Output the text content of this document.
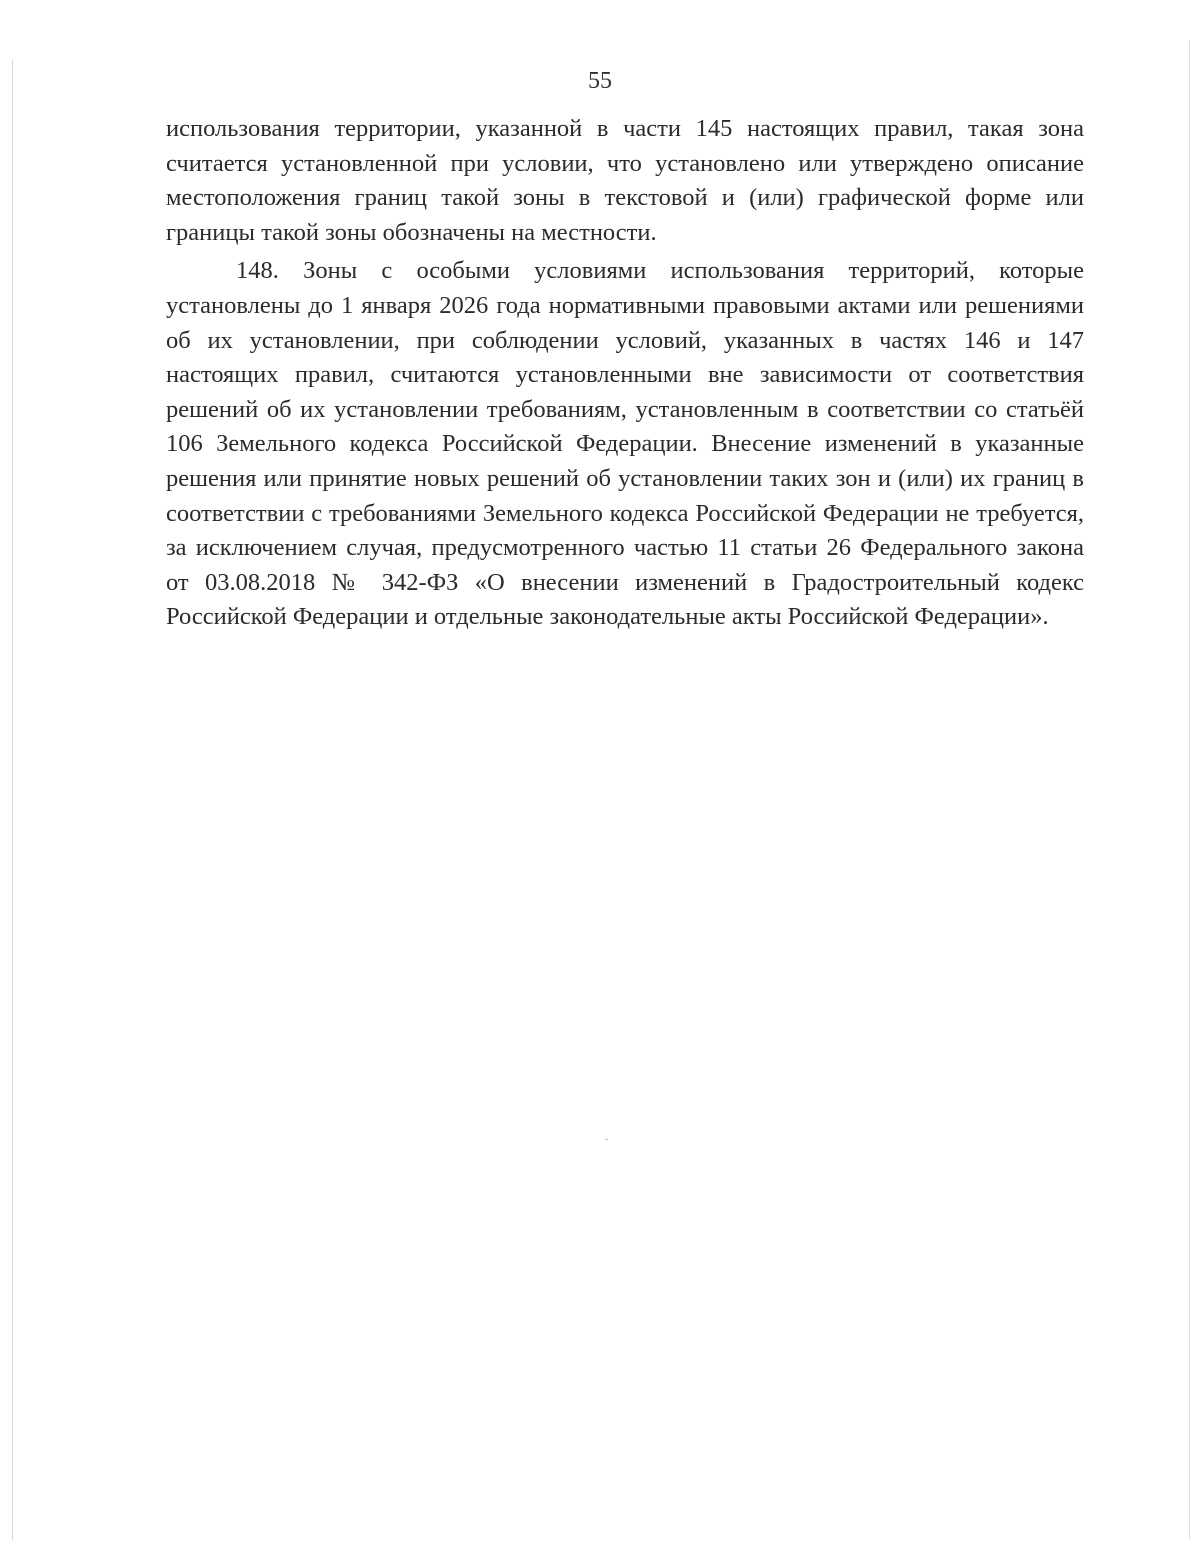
55

использования территории, указанной в части 145 настоящих правил, такая зона считается установленной при условии, что установлено или утверждено описание местоположения границ такой зоны в текстовой и (или) графической форме или границы такой зоны обозначены на местности.

148. Зоны с особыми условиями использования территорий, которые установлены до 1 января 2026 года нормативными правовыми актами или решениями об их установлении, при соблюдении условий, указанных в частях 146 и 147 настоящих правил, считаются установленными вне зависимости от соответствия решений об их установлении требованиям, установленным в соответствии со статьёй 106 Земельного кодекса Российской Федерации. Внесение изменений в указанные решения или принятие новых решений об установлении таких зон и (или) их границ в соответствии с требованиями Земельного кодекса Российской Федерации не требуется, за исключением случая, предусмотренного частью 11 статьи 26 Федерального закона от 03.08.2018 № 342-ФЗ «О внесении изменений в Градостроительный кодекс Российской Федерации и отдельные законодательные акты Российской Федерации».
